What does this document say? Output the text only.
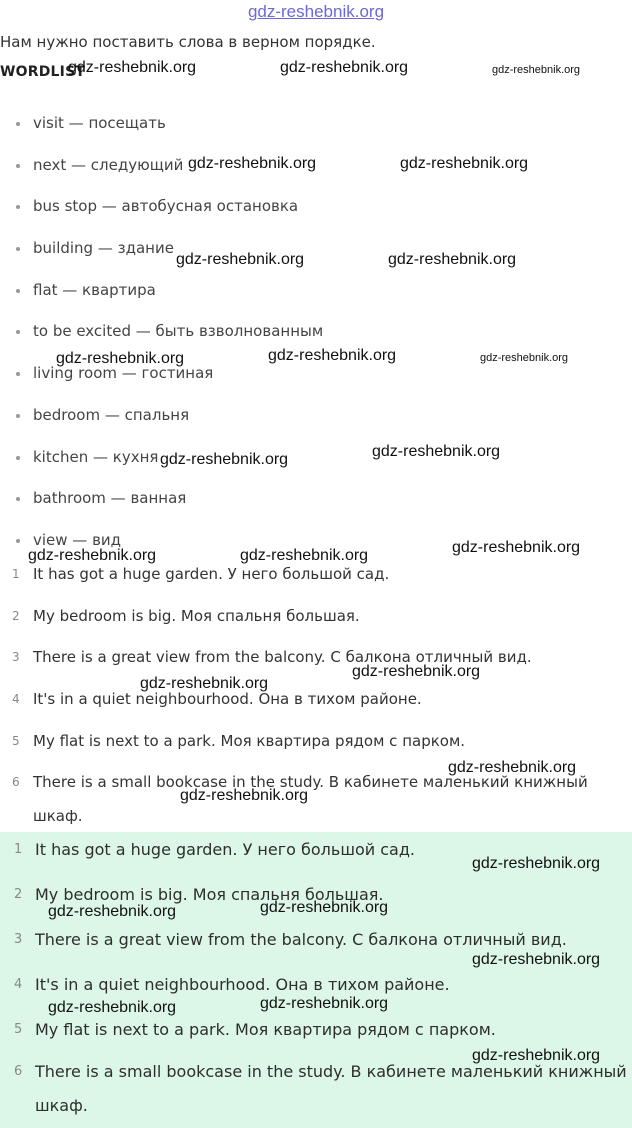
gdz-reshebnik.org
Нам нужно поставить слова в верном порядке.
WORDLIST
visit — посещать
next — следующий
bus stop — автобусная остановка
building — здание
flat — квартира
to be excited — быть взволнованным
living room — гостиная
bedroom — спальня
kitchen — кухня
bathroom — ванная
view — вид
1 It has got a huge garden. У него большой сад.
2 My bedroom is big. Моя спальня большая.
3 There is a great view from the balcony. С балкона отличный вид.
4 It's in a quiet neighbourhood. Она в тихом районе.
5 My flat is next to a park. Моя квартира рядом с парком.
6 There is a small bookcase in the study. В кабинете маленький книжный шкаф.
1 It has got a huge garden. У него большой сад.
2 My bedroom is big. Моя спальня большая.
3 There is a great view from the balcony. С балкона отличный вид.
4 It's in a quiet neighbourhood. Она в тихом районе.
5 My flat is next to a park. Моя квартира рядом с парком.
6 There is a small bookcase in the study. В кабинете маленький книжный шкаф.
gdz-reshebnik.org	gdz-reshebnik.org	gdz-reshebnik.org
gdz-reshebnik.org	gdz-reshebnik.org
gdz-reshebnik.org	gdz-reshebnik.org
gdz-reshebnik.org	gdz-reshebnik.org	gdz-reshebnik.org
gdz-reshebnik.org	gdz-reshebnik.org
gdz-reshebnik.org	gdz-reshebnik.org	gdz-reshebnik.org
gdz-reshebnik.org
gdz-reshebnik.org
gdz-reshebnik.org
gdz-reshebnik.org
gdz-reshebnik.org
gdz-reshebnik.org
gdz-reshebnik.org
gdz-reshebnik.org
gdz-reshebnik.org
gdz-reshebnik.org
gdz-reshebnik.org
